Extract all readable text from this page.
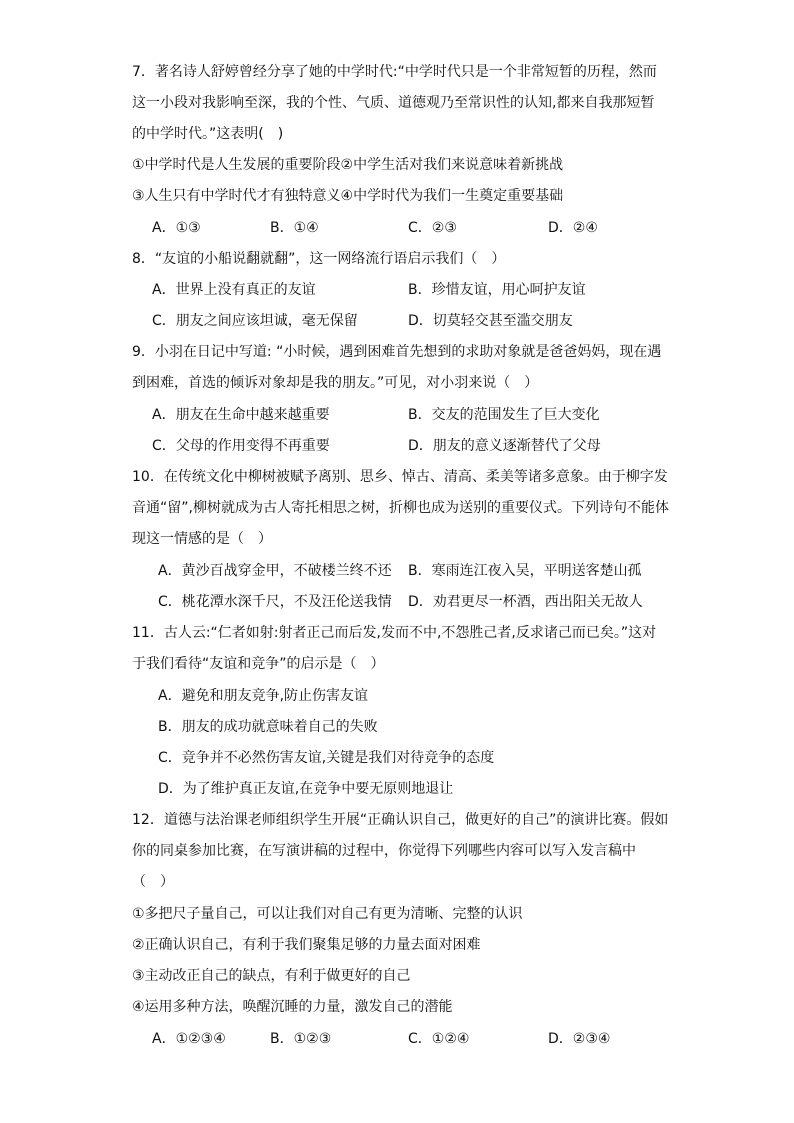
7．著名诗人舒婷曾经分享了她的中学时代:“中学时代只是一个非常短暂的历程，然而
这一小段对我影响至深，我的个性、气质、道德观乃至常识性的认知,都来自我那短暂
的中学时代。”这表明(　)
①中学时代是人生发展的重要阶段②中学生活对我们来说意味着新挑战
③人生只有中学时代才有独特意义④中学时代为我们一生奠定重要基础
A．①③	B．①④	C．②③	D．②④
8．“友谊的小船说翻就翻”，这一网络流行语启示我们（　）
A．世界上没有真正的友谊	B．珍惜友谊，用心呵护友谊
C．朋友之间应该坦诚，毫无保留	D．切莫轻交甚至滥交朋友
9．小羽在日记中写道: “小时候，遇到困难首先想到的求助对象就是爸爸妈妈，现在遇
到困难，首选的倾诉对象却是我的朋友。”可见，对小羽来说（　）
A．朋友在生命中越来越重要	B．交友的范围发生了巨大变化
C．父母的作用变得不再重要	D．朋友的意义逐渐替代了父母
10．在传统文化中柳树被赋予离别、思乡、悼古、清高、柔美等诸多意象。由于柳字发
音通“留”,柳树就成为古人寄托相思之树，折柳也成为送别的重要仪式。下列诗句不能体
现这一情感的是（　）
A．黄沙百战穿金甲，不破楼兰终不还 B．寒雨连江夜入吴，平明送客楚山孤
C．桃花潭水深千尺，不及汪伦送我情 D．劝君更尽一杯酒，西出阳关无故人
11．古人云:“仁者如射:射者正己而后发,发而不中,不怨胜己者,反求诸己而已矣。”这对
于我们看待“友谊和竞争”的启示是（　）
A．避免和朋友竞争,防止伤害友谊
B．朋友的成功就意味着自己的失败
C．竞争并不必然伤害友谊,关键是我们对待竞争的态度
D．为了维护真正友谊,在竞争中要无原则地退让
12．道德与法治课老师组织学生开展“正确认识自己，做更好的自己”的演讲比赛。假如
你的同桌参加比赛，在写演讲稿的过程中，你觉得下列哪些内容可以写入发言稿中
（　）
①多把尺子量自己，可以让我们对自己有更为清晰、完整的认识
②正确认识自己，有利于我们聚集足够的力量去面对困难
③主动改正自己的缺点，有利于做更好的自己
④运用多种方法，唤醒沉睡的力量，激发自己的潜能
A．①②③④	B．①②③	C．①②④	D．②③④
